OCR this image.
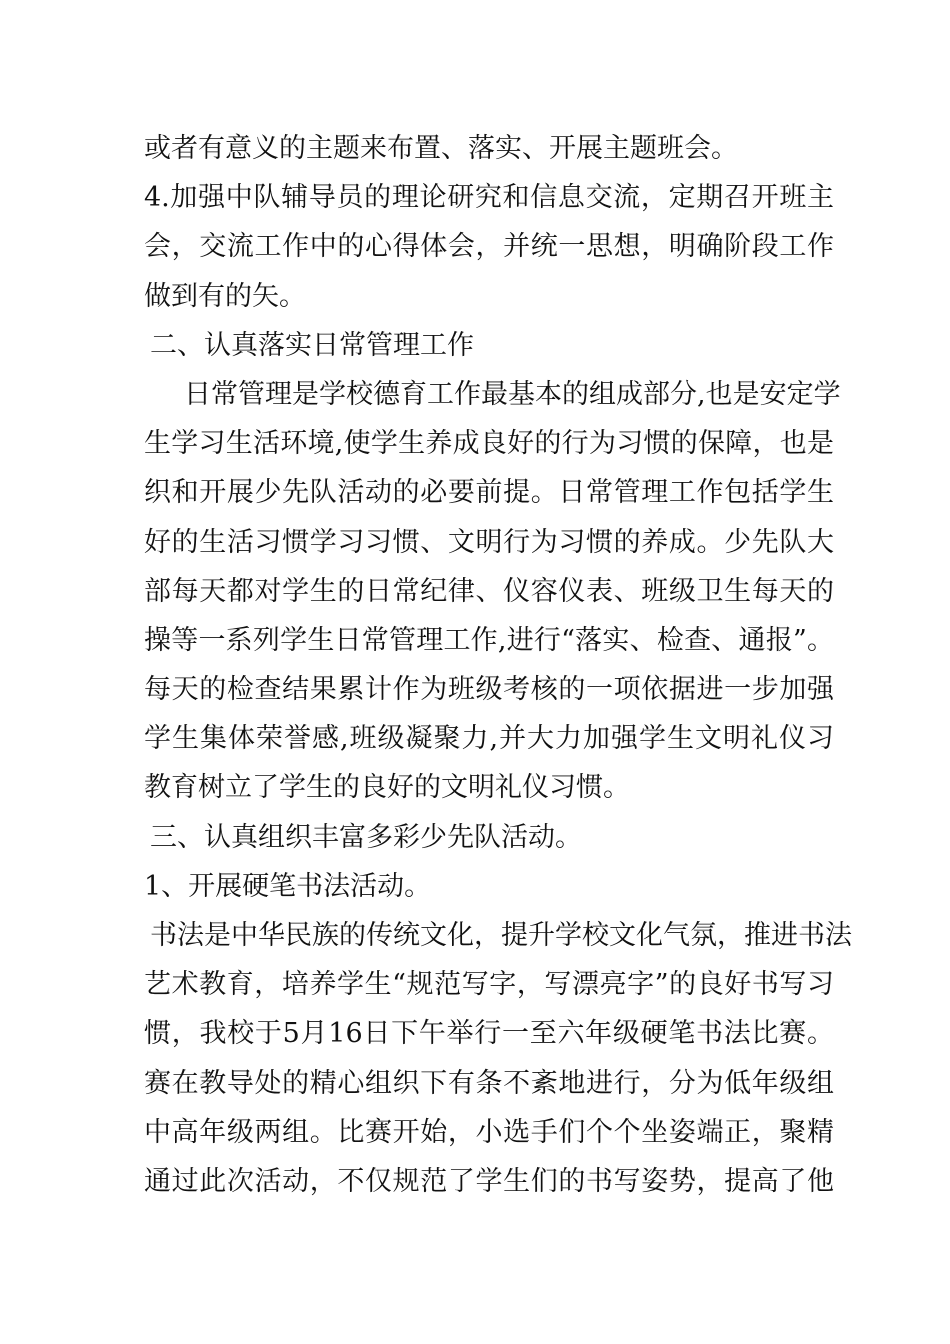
或者有意义的主题来布置、落实、开展主题班会。
4.加强中队辅导员的理论研究和信息交流，定期召开班主
会，交流工作中的心得体会，并统一思想，明确阶段工作
做到有的矢。
二、认真落实日常管理工作
日常管理是学校德育工作最基本的组成部分,也是安定学
生学习生活环境,使学生养成良好的行为习惯的保障，也是
织和开展少先队活动的必要前提。日常管理工作包括学生
好的生活习惯学习习惯、文明行为习惯的养成。少先队大
部每天都对学生的日常纪律、仪容仪表、班级卫生每天的
操等一系列学生日常管理工作,进行“落实、检查、通报”。
每天的检查结果累计作为班级考核的一项依据进一步加强
学生集体荣誉感,班级凝聚力,并大力加强学生文明礼仪习
教育树立了学生的良好的文明礼仪习惯。
三、认真组织丰富多彩少先队活动。
1、开展硬笔书法活动。
书法是中华民族的传统文化，提升学校文化气氛，推进书法
艺术教育，培养学生“规范写字，写漂亮字”的良好书写习
惯，我校于5月16日下午举行一至六年级硬笔书法比赛。
赛在教导处的精心组织下有条不紊地进行，分为低年级组
中高年级两组。比赛开始，小选手们个个坐姿端正，聚精
通过此次活动，不仅规范了学生们的书写姿势，提高了他
